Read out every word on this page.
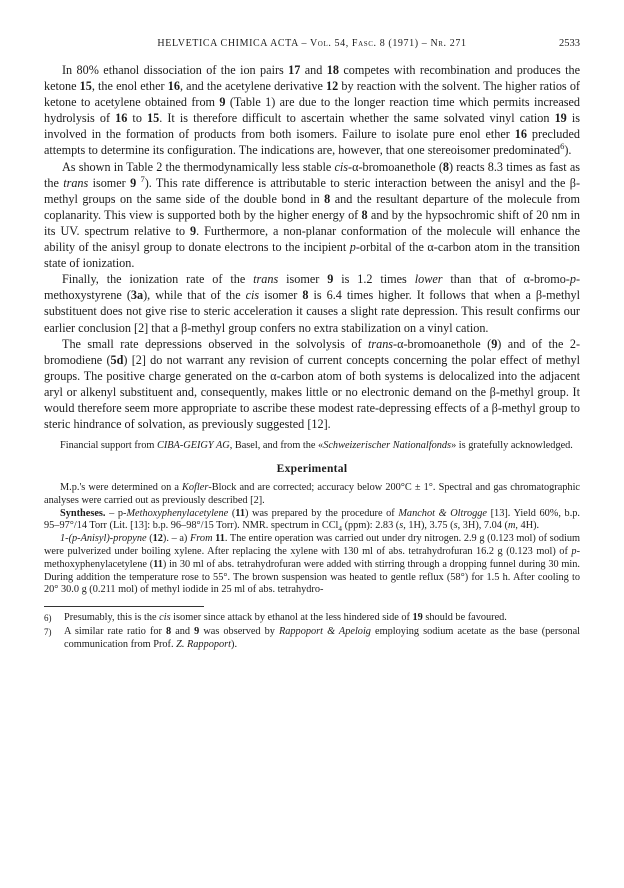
HELVETICA CHIMICA ACTA – Vol. 54, Fasc. 8 (1971) – Nr. 271	2533

In 80% ethanol dissociation of the ion pairs 17 and 18 competes with recombination and produces the ketone 15, the enol ether 16, and the acetylene derivative 12 by reaction with the solvent. The higher ratios of ketone to acetylene obtained from 9 (Table 1) are due to the longer reaction time which permits increased hydrolysis of 16 to 15. It is therefore difficult to ascertain whether the same solvated vinyl cation 19 is involved in the formation of products from both isomers. Failure to isolate pure enol ether 16 precluded attempts to determine its configuration. The indications are, however, that one stereoisomer predominated$^6$).

As shown in Table 2 the thermodynamically less stable cis-α-bromoanethole (8) reacts 8.3 times as fast as the trans isomer 9 $^7$). This rate difference is attributable to steric interaction between the anisyl and the β-methyl groups on the same side of the double bond in 8 and the resultant departure of the molecule from coplanarity. This view is supported both by the higher energy of 8 and by the hypsochromic shift of 20 nm in its UV. spectrum relative to 9. Furthermore, a non-planar conformation of the molecule will enhance the ability of the anisyl group to donate electrons to the incipient p-orbital of the α-carbon atom in the transition state of ionization.

Finally, the ionization rate of the trans isomer 9 is 1.2 times lower than that of α-bromo-p-methoxystyrene (3a), while that of the cis isomer 8 is 6.4 times higher. It follows that when a β-methyl substituent does not give rise to steric acceleration it causes a slight rate depression. This result confirms our earlier conclusion [2] that a β-methyl group confers no extra stabilization on a vinyl cation.

The small rate depressions observed in the solvolysis of trans-α-bromoanethole (9) and of the 2-bromodiene (5d) [2] do not warrant any revision of current concepts concerning the polar effect of methyl groups. The positive charge generated on the α-carbon atom of both systems is delocalized into the adjacent aryl or alkenyl substituent and, consequently, makes little or no electronic demand on the β-methyl group. It would therefore seem more appropriate to ascribe these modest rate-depressing effects of a β-methyl group to steric hindrance of solvation, as previously suggested [12].

Financial support from CIBA-GEIGY AG, Basel, and from the «Schweizerischer Nationalfonds» is gratefully acknowledged.

Experimental

M.p.'s were determined on a Kofler-Block and are corrected; accuracy below 200°C ± 1°. Spectral and gas chromatographic analyses were carried out as previously described [2].

Syntheses. – p-Methoxyphenylacetylene (11) was prepared by the procedure of Manchot & Oltrogge [13]. Yield 60%, b.p. 95–97°/14 Torr (Lit. [13]: b.p. 96–98°/15 Torr). NMR. spectrum in CCl$_4$ (ppm): 2.83 (s, 1H), 3.75 (s, 3H), 7.04 (m, 4H).

1-(p-Anisyl)-propyne (12). – a) From 11. The entire operation was carried out under dry nitrogen. 2.9 g (0.123 mol) of sodium were pulverized under boiling xylene. After replacing the xylene with 130 ml of abs. tetrahydrofuran 16.2 g (0.123 mol) of p-methoxyphenylacetylene (11) in 30 ml of abs. tetrahydrofuran were added with stirring through a dropping funnel during 30 min. During addition the temperature rose to 55°. The brown suspension was heated to gentle reflux (58°) for 1.5 h. After cooling to 20° 30.0 g (0.211 mol) of methyl iodide in 25 ml of abs. tetrahydro-

6)	Presumably, this is the cis isomer since attack by ethanol at the less hindered side of 19 should be favoured.
7)	A similar rate ratio for 8 and 9 was observed by Rappoport & Apeloig employing sodium acetate as the base (personal communication from Prof. Z. Rappoport).
